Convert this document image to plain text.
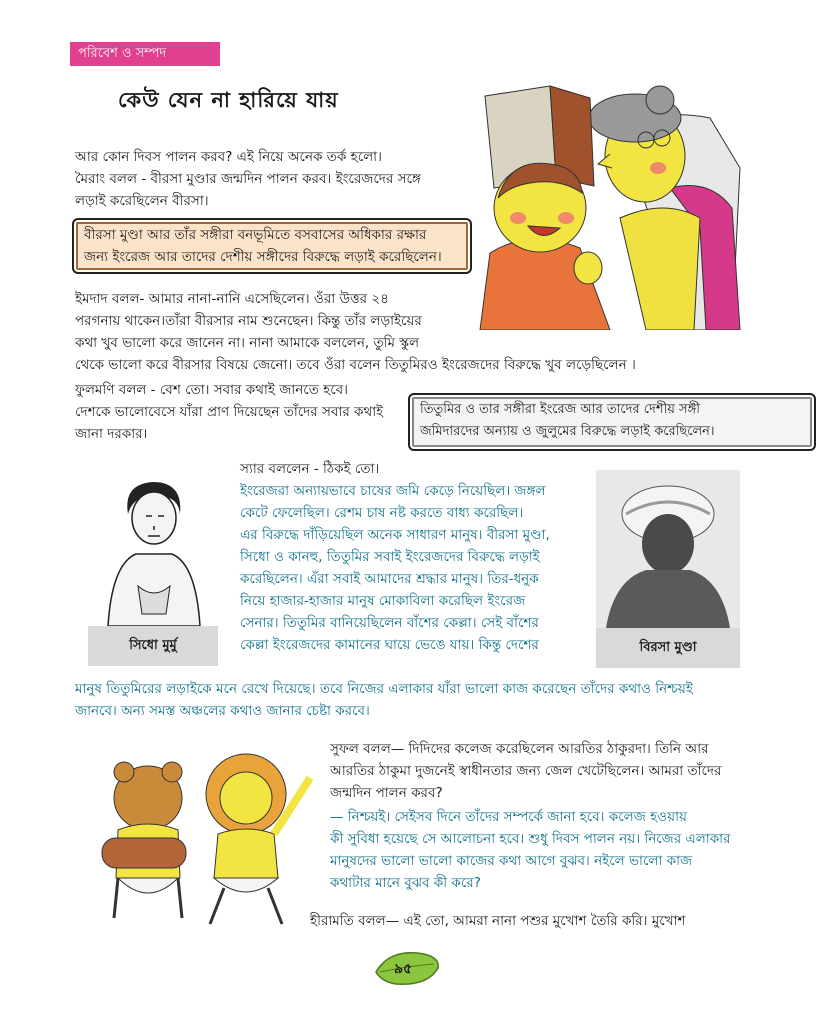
পরিবেশ ও সম্পদ
কেউ যেন না হারিয়ে যায়
আর কোন দিবস পালন করব? এই নিয়ে অনেক তর্ক হলো।
মৈরাং বলল - বীরসা মুণ্ডার জন্মদিন পালন করব। ইংরেজদের সঙ্গে
লড়াই করেছিলেন বীরসা।
বীরসা মুণ্ডা আর তাঁর সঙ্গীরা বনভূমিতে বসবাসের অধিকার রক্ষার
জন্য ইংরেজ আর তাদের দেশীয় সঙ্গীদের বিরুদ্ধে লড়াই করেছিলেন।
ইমদাদ বলল- আমার নানা-নানি এসেছিলেন। ওঁরা উত্তর ২৪
পরগনায় থাকেন।তাঁরা বীরসার নাম শুনেছেন। কিন্তু তাঁর লড়াইয়ের
কথা খুব ভালো করে জানেন না। নানা আমাকে বললেন, তুমি স্কুল
থেকে ভালো করে বীরসার বিষয়ে জেনো। তবে ওঁরা বলেন তিতুমিরও ইংরেজদের বিরুদ্ধে খুব লড়েছিলেন ।
ফুলমণি বলল - বেশ তো। সবার কথাই জানতে হবে।
দেশকে ভালোবেসে যাঁরা প্রাণ দিয়েছেন তাঁদের সবার কথাই
জানা দরকার।
তিতুমির ও তার সঙ্গীরা ইংরেজ আর তাদের দেশীয় সঙ্গী
জমিদারদের অন্যায় ও জুলুমের বিরুদ্ধে লড়াই করেছিলেন।
সিধো মুর্মু	বিরসা মুণ্ডা
স্যার বললেন - ঠিকই তো।
ইংরেজরা অন্যায়ভাবে চাষের জমি কেড়ে নিয়েছিল। জঙ্গল
কেটে ফেলেছিল। রেশম চাষ নষ্ট করতে বাধ্য করেছিল।
এর বিরুদ্ধে দাঁড়িয়েছিল অনেক সাধারণ মানুষ। বীরসা মুণ্ডা,
সিধো ও কানহু, তিতুমির সবাই ইংরেজদের বিরুদ্ধে লড়াই
করেছিলেন। এঁরা সবাই আমাদের শ্রদ্ধার মানুষ। তির-ধনুক
নিয়ে হাজার-হাজার মানুষ মোকাবিলা করেছিল ইংরেজ
সেনার। তিতুমির বানিয়েছিলেন বাঁশের কেল্লা। সেই বাঁশের
কেল্লা ইংরেজদের কামানের ঘায়ে ভেঙে যায়। কিন্তু দেশের
মানুষ তিতুমিরের লড়াইকে মনে রেখে দিয়েছে। তবে নিজের এলাকার যাঁরা ভালো কাজ করেছেন তাঁদের কথাও নিশ্চয়ই
জানবে। অন্য সমস্ত অঞ্চলের কথাও জানার চেষ্টা করবে।
সুফল বলল— দিদিদের কলেজ করেছিলেন আরতির ঠাকুরদা। তিনি আর
আরতির ঠাকুমা দুজনেই স্বাধীনতার জন্য জেল খেটেছিলেন। আমরা তাঁদের
জন্মদিন পালন করব?
— নিশ্চয়ই। সেইসব দিনে তাঁদের সম্পর্কে জানা হবে। কলেজ হওয়ায়
কী সুবিধা হয়েছে সে আলোচনা হবে। শুধু দিবস পালন নয়। নিজের এলাকার
মানুষদের ভালো ভালো কাজের কথা আগে বুঝব। নইলে ভালো কাজ
কথাটার মানে বুঝব কী করে?
হীরামতি বলল— এই তো, আমরা নানা পশুর মুখোশ তৈরি করি। মুখোশ
৯৫
